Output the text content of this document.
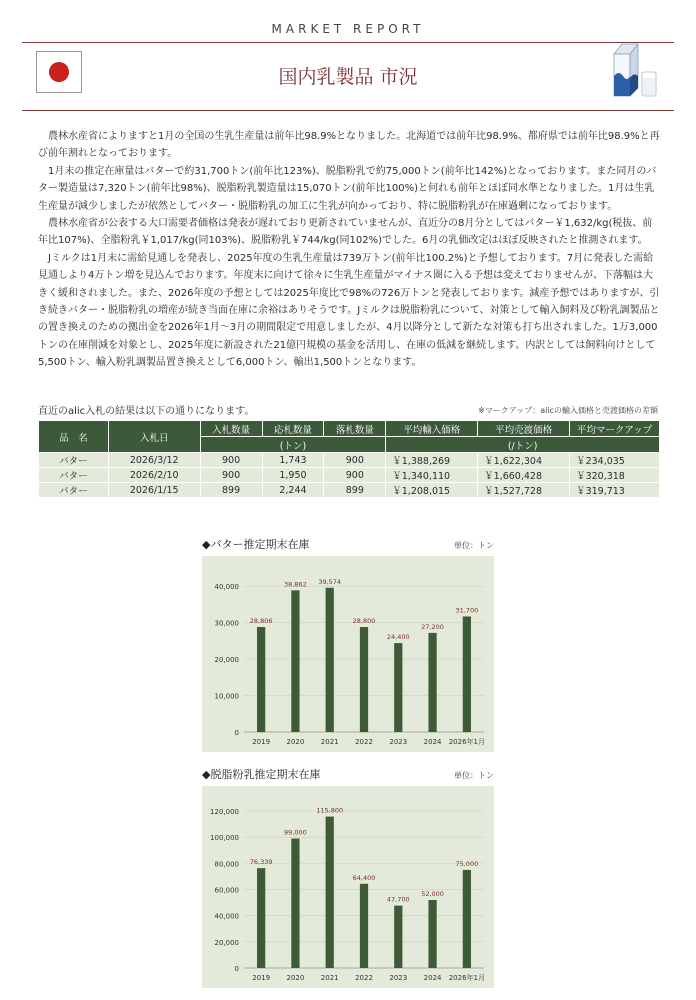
MARKET REPORT
国内乳製品 市況

農林水産省によりますと1月の全国の生乳生産量は前年比98.9%となりました。北海道では前年比98.9%、都府県では前年比98.9%と再び前年割れとなっております。

1月末の推定在庫量はバターで約31,700トン(前年比123%)、脱脂粉乳で約75,000トン(前年比142%)となっております。また同月のバター製造量は7,320トン(前年比98%)、脱脂粉乳製造量は15,070トン(前年比100%)と何れも前年とほぼ同水準となりました。1月は生乳生産量が減少しましたが依然としてバター・脱脂粉乳の加工に生乳が向かっており、特に脱脂粉乳が在庫過剰になっております。

農林水産省が公表する大口需要者価格は発表が遅れており更新されていませんが、直近分の8月分としてはバター￥1,632/kg(税抜、前年比107%)、全脂粉乳￥1,017/kg(同103%)、脱脂粉乳￥744/kg(同102%)でした。6月の乳価改定はほぼ反映されたと推測されます。

Jミルクは1月末に需給見通しを発表し、2025年度の生乳生産量は739万トン(前年比100.2%)と予想しております。7月に発表した需給見通しより4万トン増を見込んでおります。年度末に向けて徐々に生乳生産量がマイナス圏に入る予想は変えておりませんが、下落幅は大きく緩和されました。また、2026年度の予想としては2025年度比で98%の726万トンと発表しております。減産予想ではありますが、引き続きバター・脱脂粉乳の増産が続き当面在庫に余裕はありそうです。Jミルクは脱脂粉乳について、対策として輸入飼料及び粉乳調製品との置き換えのための拠出金を2026年1月～3月の期間限定で用意しましたが、4月以降分として新たな対策も打ち出されました。1万3,000トンの在庫削減を対象とし、2025年度に新設された21億円規模の基金を活用し、在庫の低減を継続します。内訳としては飼料向けとして5,500トン、輸入粉乳調製品置き換えとして6,000トン、輸出1,500トンとなります。

直近のalic入札の結果は以下の通りになります。	※マークアップ：alicの輸入価格と売渡価格の差額
品　名	入札日	入札数量	応札数量	落札数量	平均輸入価格	平均売渡価格	平均マークアップ
		(トン)			(/トン)		
バター	2026/3/12	900	1,743	900	￥1,388,269	￥1,622,304	￥234,035
バター	2026/2/10	900	1,950	900	￥1,340,110	￥1,660,428	￥320,318
バター	2026/1/15	899	2,244	899	￥1,208,015	￥1,527,728	￥319,713
◆バター推定期末在庫	単位：トン
0
10,000
20,000
30,000
40,000
28,806
2019
38,862
2020
39,574
2021
28,800
2022
24,400
2023
27,200
2024
31,700
2026年1月
◆脱脂粉乳推定期末在庫	単位：トン
0
20,000
40,000
60,000
80,000
100,000
120,000
76,339
2019
99,000
2020
115,800
2021
64,400
2022
47,700
2023
52,000
2024
75,000
2026年1月
